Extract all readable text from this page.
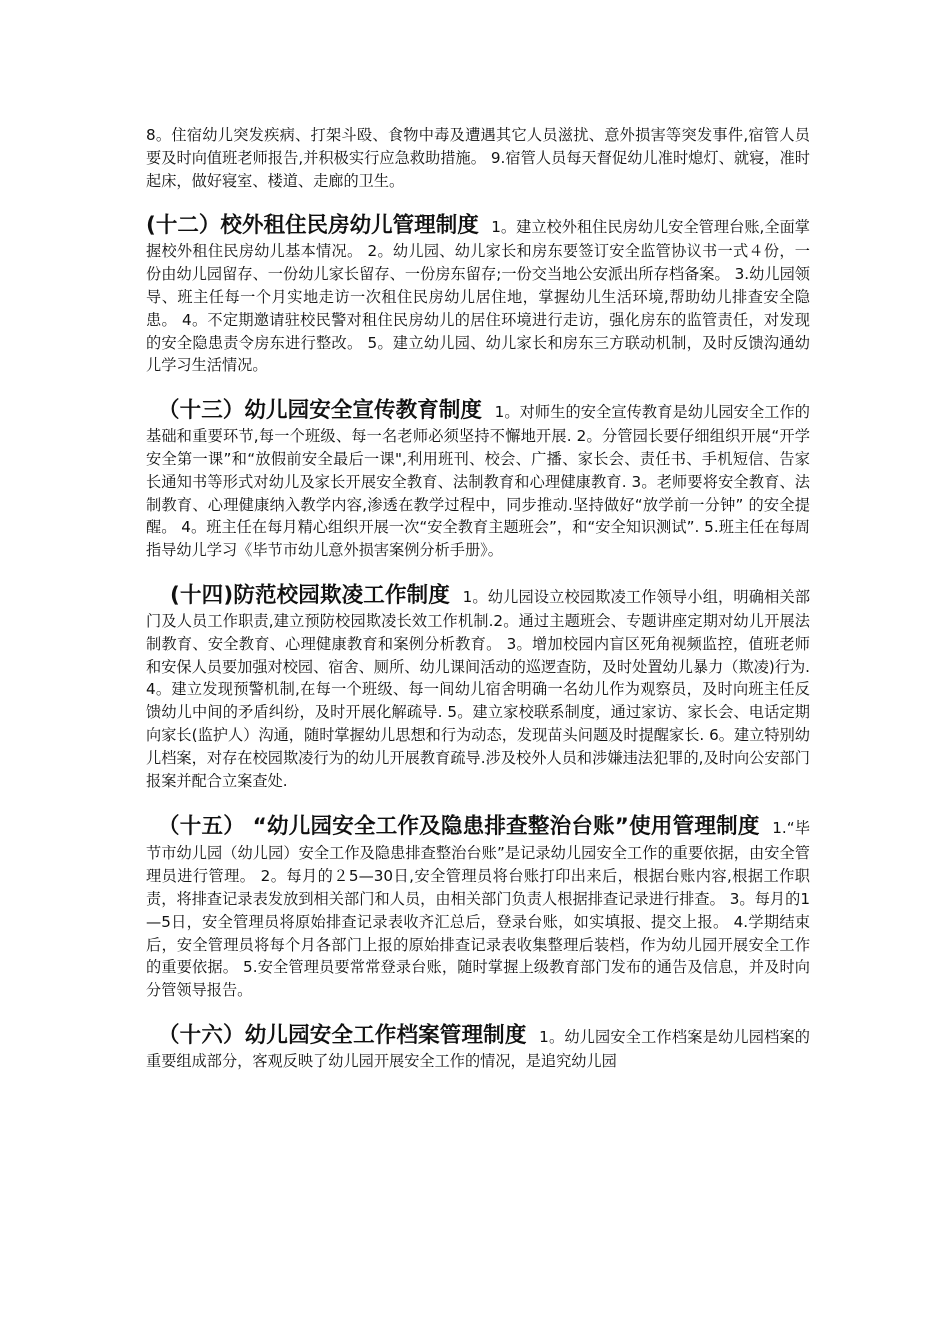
8。住宿幼儿突发疾病、打架斗殴、食物中毒及遭遇其它人员滋扰、意外损害等突发事件,宿管人员要及时向值班老师报告,并积极实行应急救助措施。 9.宿管人员每天督促幼儿准时熄灯、就寝，准时起床，做好寝室、楼道、走廊的卫生。

(十二）校外租住民房幼儿管理制度  1。建立校外租住民房幼儿安全管理台账,全面掌握校外租住民房幼儿基本情况。 2。幼儿园、幼儿家长和房东要签订安全监管协议书一式４份，一份由幼儿园留存、一份幼儿家长留存、一份房东留存;一份交当地公安派出所存档备案。 3.幼儿园领导、班主任每一个月实地走访一次租住民房幼儿居住地，掌握幼儿生活环境,帮助幼儿排查安全隐患。 4。不定期邀请驻校民警对租住民房幼儿的居住环境进行走访，强化房东的监管责任，对发现的安全隐患责令房东进行整改。 5。建立幼儿园、幼儿家长和房东三方联动机制，及时反馈沟通幼儿学习生活情况。
（十三）幼儿园安全宣传教育制度  1。对师生的安全宣传教育是幼儿园安全工作的基础和重要环节,每一个班级、每一名老师必须坚持不懈地开展. 2。分管园长要仔细组织开展“开学安全第一课”和“放假前安全最后一课",利用班刊、校会、广播、家长会、责任书、手机短信、告家长通知书等形式对幼儿及家长开展安全教育、法制教育和心理健康教育. 3。老师要将安全教育、法制教育、心理健康纳入教学内容,渗透在教学过程中，同步推动.坚持做好“放学前一分钟” 的安全提醒。 4。班主任在每月精心组织开展一次“安全教育主题班会”，和“安全知识测试”. 5.班主任在每周指导幼儿学习《毕节市幼儿意外损害案例分析手册》。
(十四)防范校园欺凌工作制度  1。幼儿园设立校园欺凌工作领导小组，明确相关部门及人员工作职责,建立预防校园欺凌长效工作机制.2。通过主题班会、专题讲座定期对幼儿开展法制教育、安全教育、心理健康教育和案例分析教育。 3。增加校园内盲区死角视频监控，值班老师和安保人员要加强对校园、宿舍、厕所、幼儿课间活动的巡逻查防，及时处置幼儿暴力（欺凌)行为. 4。建立发现预警机制,在每一个班级、每一间幼儿宿舍明确一名幼儿作为观察员，及时向班主任反馈幼儿中间的矛盾纠纷，及时开展化解疏导. 5。建立家校联系制度，通过家访、家长会、电话定期向家长(监护人）沟通，随时掌握幼儿思想和行为动态，发现苗头问题及时提醒家长. 6。建立特别幼儿档案，对存在校园欺凌行为的幼儿开展教育疏导.涉及校外人员和涉嫌违法犯罪的,及时向公安部门报案并配合立案查处.
（十五） “幼儿园安全工作及隐患排查整治台账”使用管理制度  1.“毕节市幼儿园（幼儿园）安全工作及隐患排查整治台账”是记录幼儿园安全工作的重要依据，由安全管理员进行管理。 2。每月的２5—30日,安全管理员将台账打印出来后，根据台账内容,根据工作职责，将排查记录表发放到相关部门和人员，由相关部门负责人根据排查记录进行排查。 3。每月的1—5日，安全管理员将原始排查记录表收齐汇总后，登录台账，如实填报、提交上报。 4.学期结束后，安全管理员将每个月各部门上报的原始排查记录表收集整理后装档，作为幼儿园开展安全工作的重要依据。 5.安全管理员要常常登录台账，随时掌握上级教育部门发布的通告及信息，并及时向分管领导报告。
（十六）幼儿园安全工作档案管理制度  1。幼儿园安全工作档案是幼儿园档案的重要组成部分，客观反映了幼儿园开展安全工作的情况，是追究幼儿园
